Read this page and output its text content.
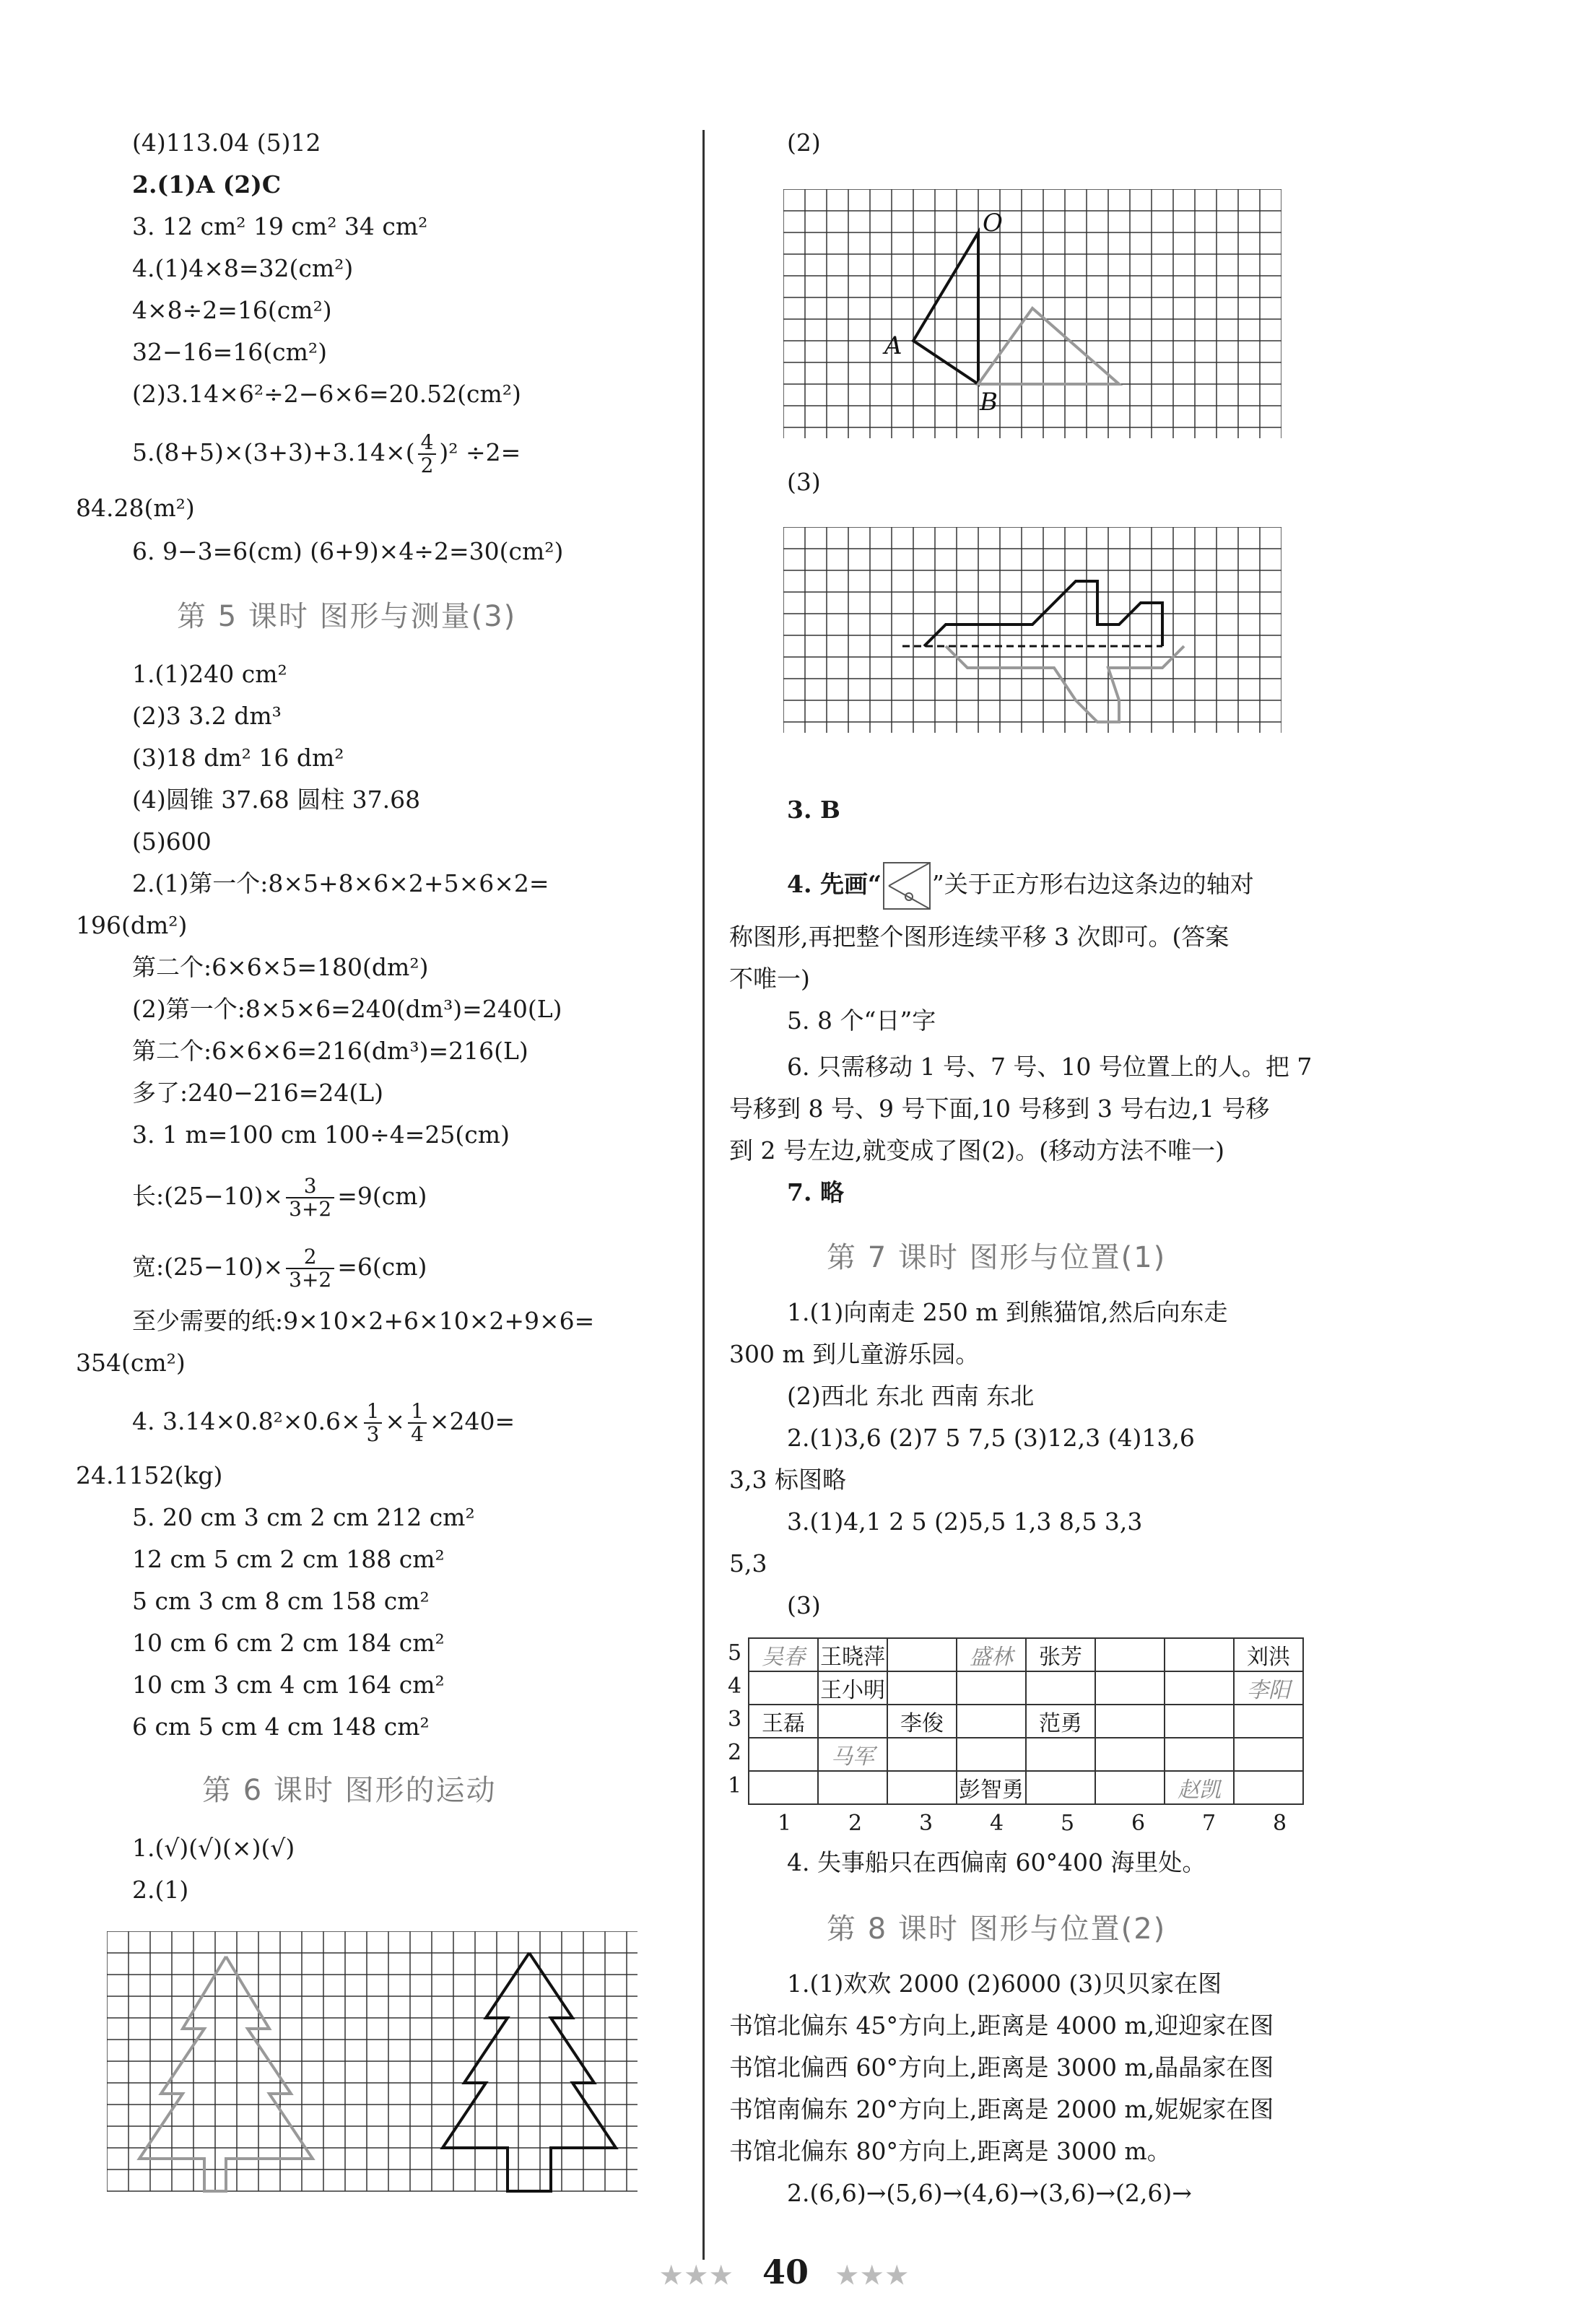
(4)113.04 (5)12
2.(1)A (2)C
3. 12 cm² 19 cm² 34 cm²
4.(1)4×8=32(cm²)
4×8÷2=16(cm²)
32−16=16(cm²)
(2)3.14×6²÷2−6×6=20.52(cm²)
$5.(8+5)\times(3+3)+3.14\times( \frac{4}{2} )^2 \div 2=$
84.28(m²)
6. 9−3=6(cm) (6+9)×4÷2=30(cm²)
第 5 课时 图形与测量(3)
1.(1)240 cm²
(2)3 3.2 dm³
(3)18 dm² 16 dm²
(4)圆锥 37.68 圆柱 37.68
(5)600
2.(1)第一个:8×5+8×6×2+5×6×2=
196(dm²)
第二个:6×6×5=180(dm²)
(2)第一个:8×5×6=240(dm³)=240(L)
第二个:6×6×6=216(dm³)=216(L)
多了:240−216=24(L)
3. 1 m=100 cm 100÷4=25(cm)
长:(25−10)× $\frac{3}{3+2} =9(cm)$
宽:(25−10)× $\frac{2}{3+2} =6(cm)$
至少需要的纸:9×10×2+6×10×2+9×6=
354(cm²)
4. $3.14\times 0.8^2\times 0.6\times \frac{1}{3} \times \frac{1}{4} \times 240=$
24.1152(kg)
5. 20 cm 3 cm 2 cm 212 cm²
12 cm 5 cm 2 cm 188 cm²
5 cm 3 cm 8 cm 158 cm²
10 cm 6 cm 2 cm 184 cm²
10 cm 3 cm 4 cm 164 cm²
6 cm 5 cm 4 cm 148 cm²
第 6 课时 图形的运动
1.(√)(√)(×)(√)
2.(1)
(2)
O
A
B
(3)
3. B
4. 先画“ ”关于正方形右边这条边的轴对
称图形,再把整个图形连续平移 3 次即可。(答案
不唯一)
5. 8 个“日”字
6. 只需移动 1 号、7 号、10 号位置上的人。把 7
号移到 8 号、9 号下面,10 号移到 3 号右边,1 号移
到 2 号左边,就变成了图(2)。(移动方法不唯一)
7. 略
第 7 课时 图形与位置(1)
1.(1)向南走 250 m 到熊猫馆,然后向东走
300 m 到儿童游乐园。
(2)西北 东北 西南 东北
2.(1)3,6 (2)7 5 7,5 (3)12,3 (4)13,6
3,3 标图略
3.(1)4,1 2 5 (2)5,5 1,3 8,5 3,3
5,3
(3)
5
4
3
2
1
吴春	王晓萍		盛林	张芳			刘洪
	王小明						李阳
王磊		李俊		范勇			
	马军						
			彭智勇			赵凯	
1	2	3	4	5	6	7	8
4. 失事船只在西偏南 60°400 海里处。
第 8 课时 图形与位置(2)
1.(1)欢欢 2000 (2)6000 (3)贝贝家在图
书馆北偏东 45°方向上,距离是 4000 m,迎迎家在图
书馆北偏西 60°方向上,距离是 3000 m,晶晶家在图
书馆南偏东 20°方向上,距离是 2000 m,妮妮家在图
书馆北偏东 80°方向上,距离是 3000 m。
2.(6,6)→(5,6)→(4,6)→(3,6)→(2,6)→
★★★ 40 ★★★
